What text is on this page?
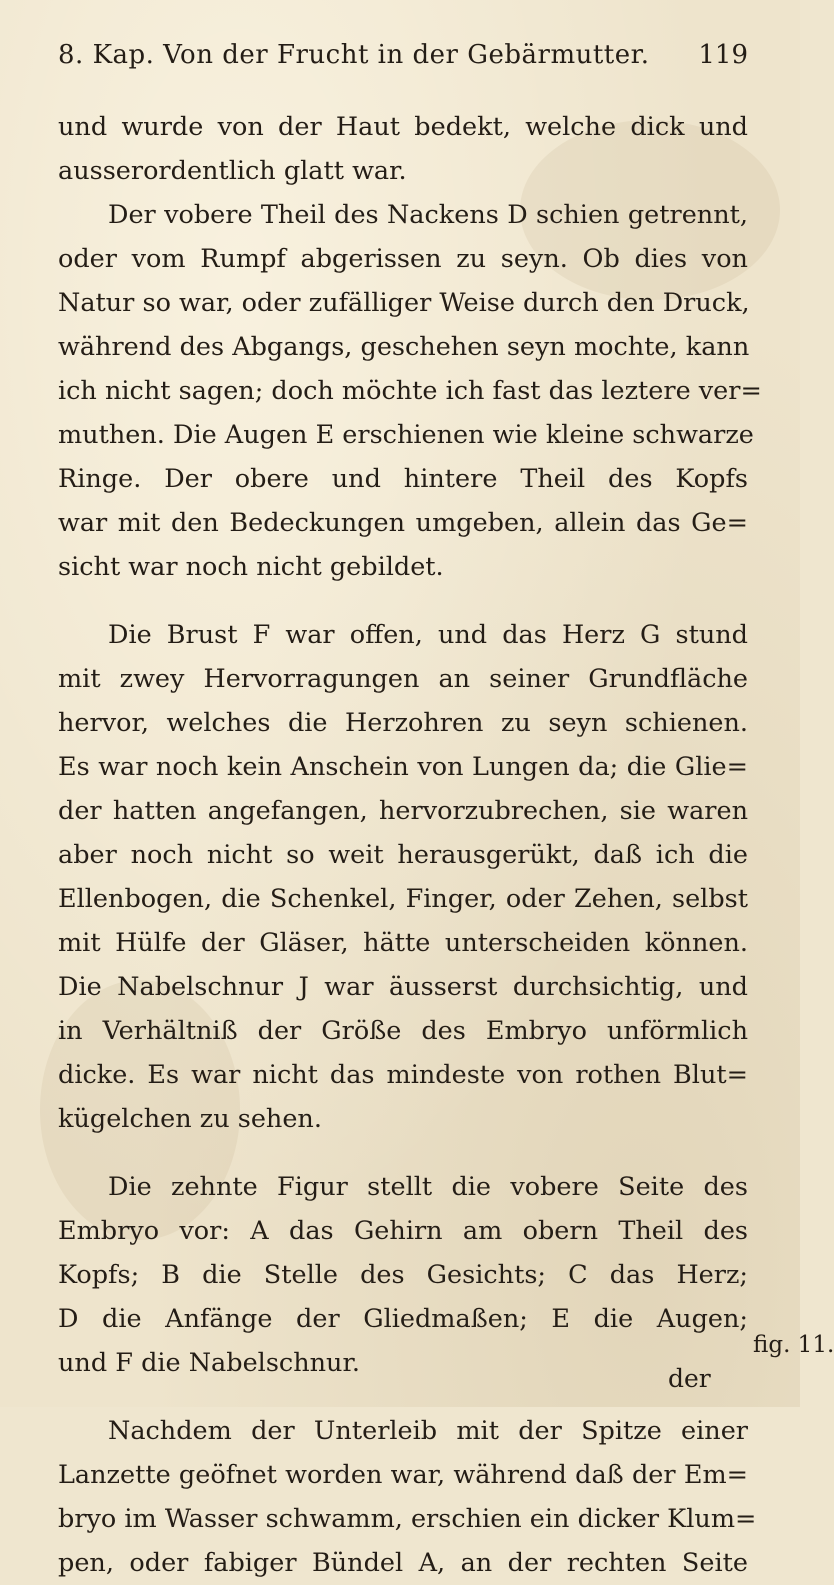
8. Kap. Von der Frucht in der Gebärmutter. 119
und wurde von der Haut bedekt, welche dick und
ausserordentlich glatt war.
Der vobere Theil des Nackens D schien getrennt,
oder vom Rumpf abgerissen zu seyn. Ob dies von
Natur so war, oder zufälliger Weise durch den Druck,
während des Abgangs, geschehen seyn mochte, kann
ich nicht sagen; doch möchte ich fast das leztere ver=
muthen. Die Augen E erschienen wie kleine schwarze
Ringe. Der obere und hintere Theil des Kopfs
war mit den Bedeckungen umgeben, allein das Ge=
sicht war noch nicht gebildet.
Die Brust F war offen, und das Herz G stund
mit zwey Hervorragungen an seiner Grundfläche
hervor, welches die Herzohren zu seyn schienen.
Es war noch kein Anschein von Lungen da; die Glie=
der hatten angefangen, hervorzubrechen, sie waren
aber noch nicht so weit herausgerükt, daß ich die
Ellenbogen, die Schenkel, Finger, oder Zehen, selbst
mit Hülfe der Gläser, hätte unterscheiden können.
Die Nabelschnur J war äusserst durchsichtig, und
in Verhältniß der Größe des Embryo unförmlich
dicke. Es war nicht das mindeste von rothen Blut=
kügelchen zu sehen.
Die zehnte Figur stellt die vobere Seite des
Embryo vor: A das Gehirn am obern Theil des
Kopfs; B die Stelle des Gesichts; C das Herz;
D die Anfänge der Gliedmaßen; E die Augen;
und F die Nabelschnur.
Nachdem der Unterleib mit der Spitze einer
Lanzette geöfnet worden war, während daß der Em=
bryo im Wasser schwamm, erschien ein dicker Klum=
pen, oder fabiger Bündel A, an der rechten Seite
fig. 11.
der
